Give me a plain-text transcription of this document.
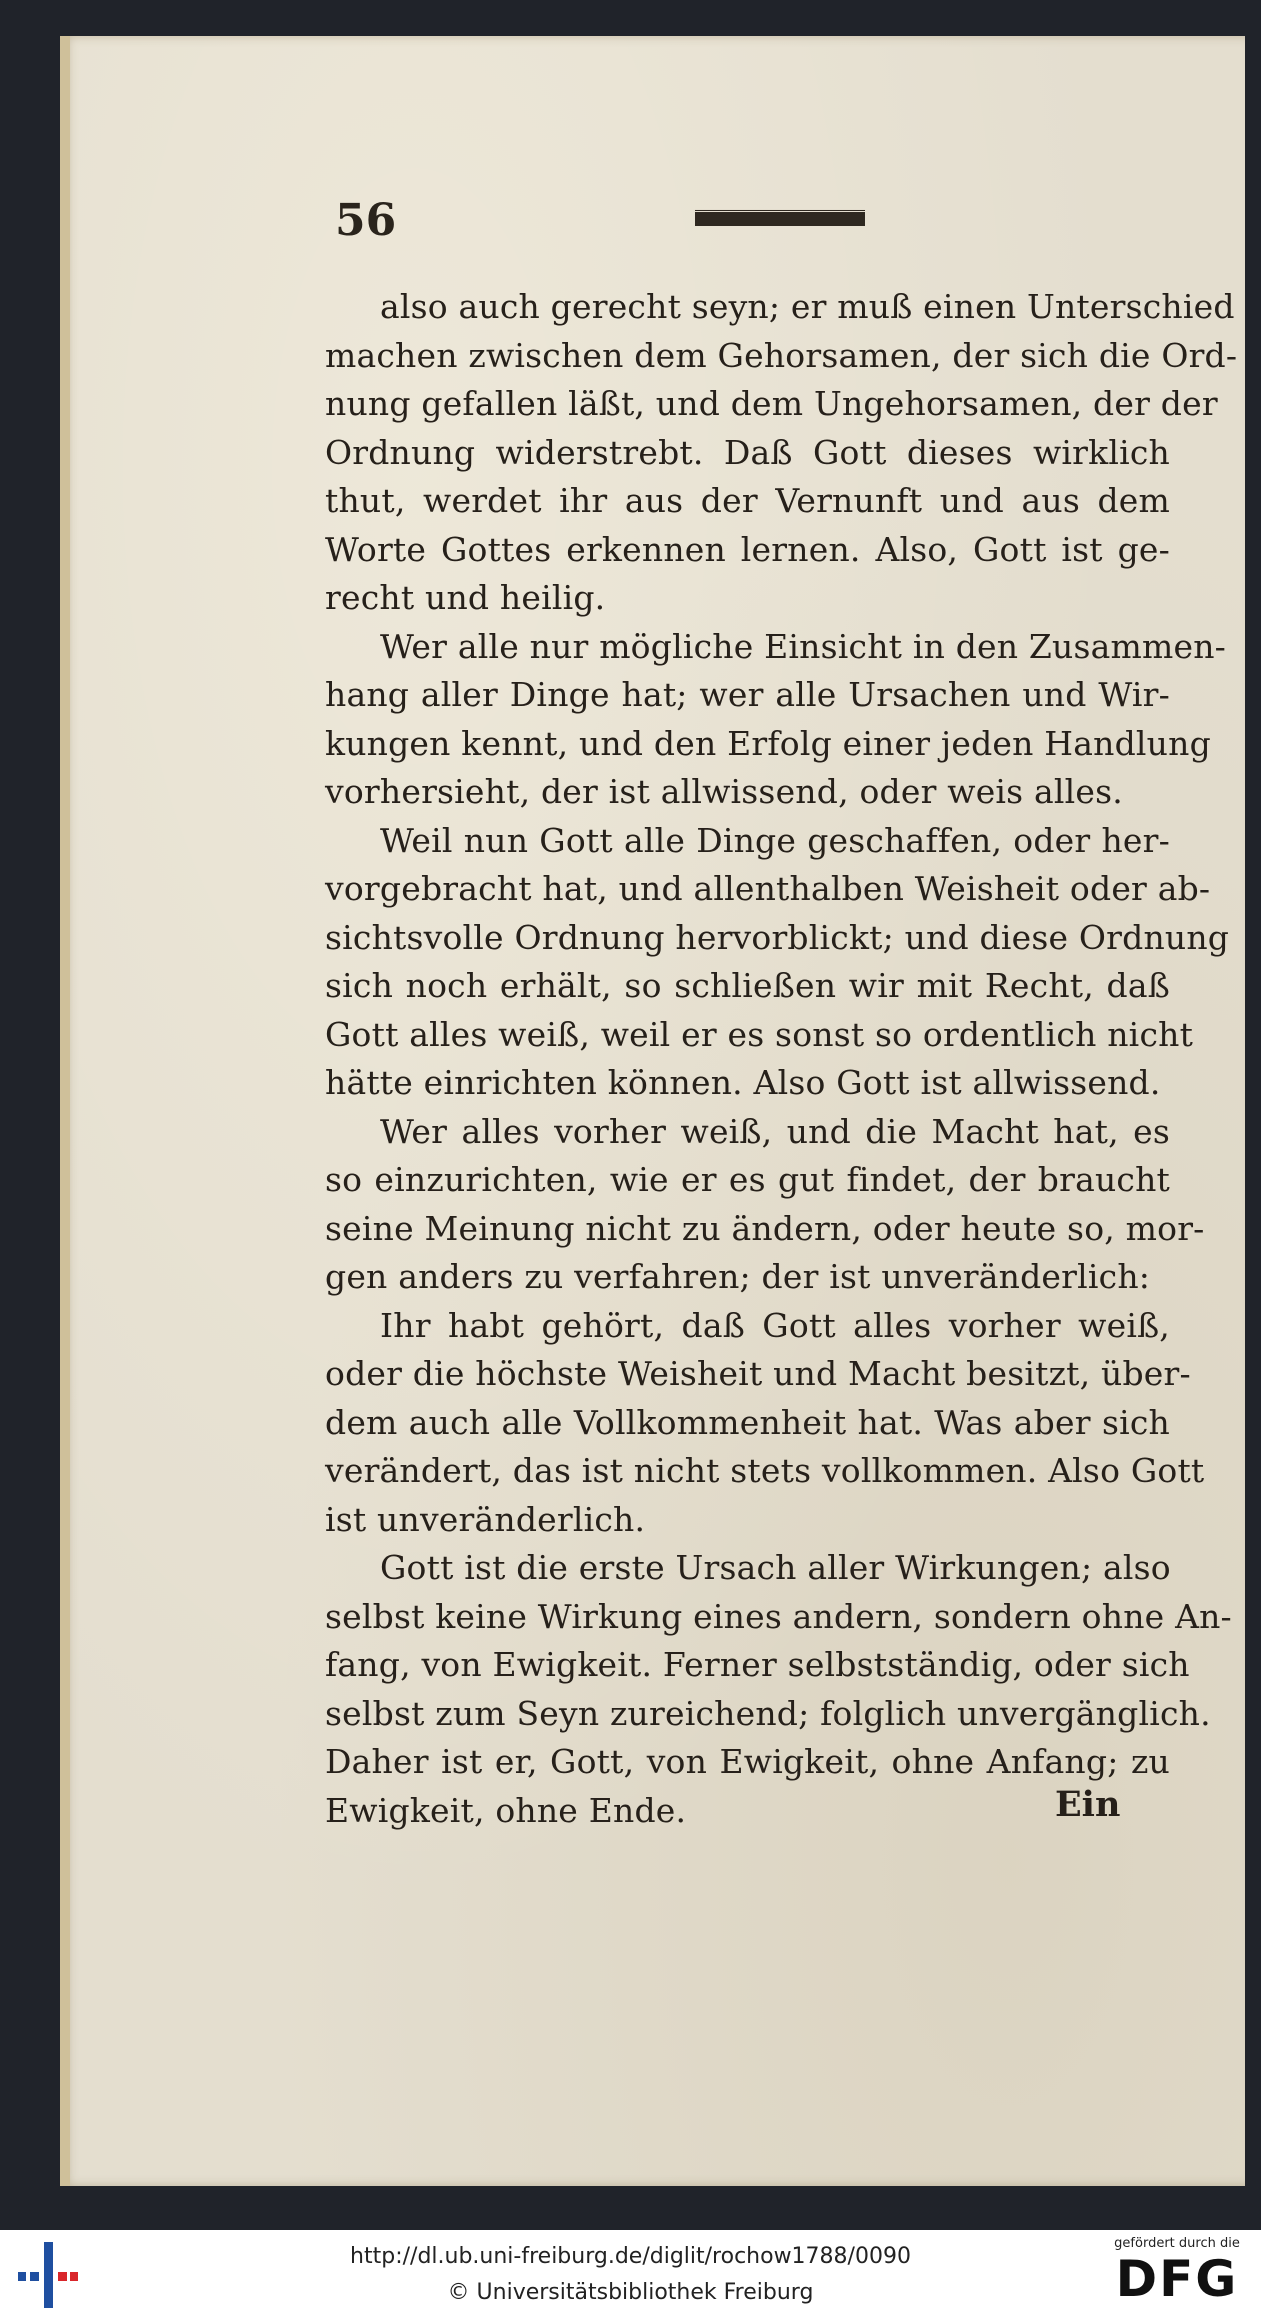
56
also auch gerecht seyn; er muß einen Unterschied
machen zwischen dem Gehorsamen, der sich die Ord-
nung gefallen läßt, und dem Ungehorsamen, der der
Ordnung widerstrebt. Daß Gott dieses wirklich
thut, werdet ihr aus der Vernunft und aus dem
Worte Gottes erkennen lernen. Also, Gott ist ge-
recht und heilig.
Wer alle nur mögliche Einsicht in den Zusammen-
hang aller Dinge hat; wer alle Ursachen und Wir-
kungen kennt, und den Erfolg einer jeden Handlung
vorhersieht, der ist allwissend, oder weis alles.
Weil nun Gott alle Dinge geschaffen, oder her-
vorgebracht hat, und allenthalben Weisheit oder ab-
sichtsvolle Ordnung hervorblickt; und diese Ordnung
sich noch erhält, so schließen wir mit Recht, daß
Gott alles weiß, weil er es sonst so ordentlich nicht
hätte einrichten können. Also Gott ist allwissend.
Wer alles vorher weiß, und die Macht hat, es
so einzurichten, wie er es gut findet, der braucht
seine Meinung nicht zu ändern, oder heute so, mor-
gen anders zu verfahren; der ist unveränderlich:
Ihr habt gehört, daß Gott alles vorher weiß,
oder die höchste Weisheit und Macht besitzt, über-
dem auch alle Vollkommenheit hat. Was aber sich
verändert, das ist nicht stets vollkommen. Also Gott
ist unveränderlich.
Gott ist die erste Ursach aller Wirkungen; also
selbst keine Wirkung eines andern, sondern ohne An-
fang, von Ewigkeit. Ferner selbstständig, oder sich
selbst zum Seyn zureichend; folglich unvergänglich.
Daher ist er, Gott, von Ewigkeit, ohne Anfang; zu
Ewigkeit, ohne Ende.	Ein
http://dl.ub.uni-freiburg.de/diglit/rochow1788/0090
© Universitätsbibliothek Freiburg
gefördert durch die
DFG
